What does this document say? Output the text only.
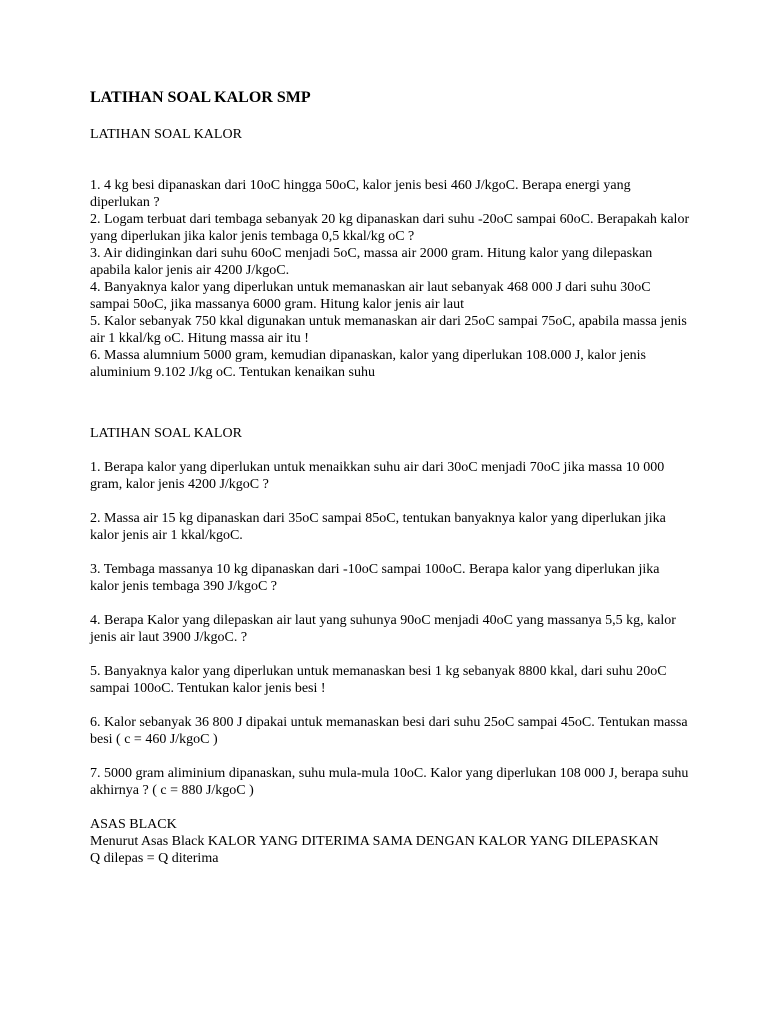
LATIHAN SOAL KALOR SMP

LATIHAN SOAL KALOR

1. 4 kg besi dipanaskan dari 10oC hingga 50oC, kalor jenis besi 460 J/kgoC. Berapa energi yang diperlukan ?

2. Logam terbuat dari tembaga sebanyak 20 kg dipanaskan dari suhu -20oC sampai 60oC. Berapakah kalor yang diperlukan jika kalor jenis tembaga 0,5 kkal/kg oC ?

3. Air didinginkan dari suhu 60oC menjadi 5oC, massa air 2000 gram. Hitung kalor yang dilepaskan apabila kalor jenis air 4200 J/kgoC.

4. Banyaknya kalor yang diperlukan untuk memanaskan air laut sebanyak 468 000 J dari suhu 30oC sampai 50oC, jika massanya 6000 gram. Hitung kalor jenis air laut

5. Kalor sebanyak 750 kkal digunakan untuk memanaskan air dari 25oC sampai 75oC, apabila massa jenis air 1 kkal/kg oC. Hitung massa air itu !

6. Massa alumnium 5000 gram, kemudian dipanaskan, kalor yang diperlukan 108.000 J, kalor jenis aluminium 9.102 J/kg oC. Tentukan kenaikan suhu

LATIHAN SOAL KALOR

1. Berapa kalor yang diperlukan untuk menaikkan suhu air dari 30oC menjadi 70oC jika massa 10 000 gram, kalor jenis 4200 J/kgoC ?

2. Massa air 15 kg dipanaskan dari 35oC sampai 85oC, tentukan banyaknya kalor yang diperlukan jika kalor jenis air 1 kkal/kgoC.

3. Tembaga massanya 10 kg dipanaskan dari -10oC sampai 100oC. Berapa kalor yang diperlukan jika kalor jenis tembaga 390 J/kgoC ?

4. Berapa Kalor yang dilepaskan air laut yang suhunya 90oC menjadi 40oC yang massanya 5,5 kg, kalor jenis air laut 3900 J/kgoC. ?

5. Banyaknya kalor yang diperlukan untuk memanaskan besi 1 kg sebanyak 8800 kkal, dari suhu 20oC sampai 100oC. Tentukan kalor jenis besi !

6. Kalor sebanyak 36 800 J dipakai untuk memanaskan besi dari suhu 25oC sampai 45oC. Tentukan massa besi ( c = 460 J/kgoC )

7. 5000 gram aliminium dipanaskan, suhu mula-mula 10oC. Kalor yang diperlukan 108 000 J, berapa suhu akhirnya ? ( c = 880 J/kgoC )

ASAS BLACK

Menurut Asas Black KALOR YANG DITERIMA SAMA DENGAN KALOR YANG DILEPASKAN

Q dilepas = Q diterima
